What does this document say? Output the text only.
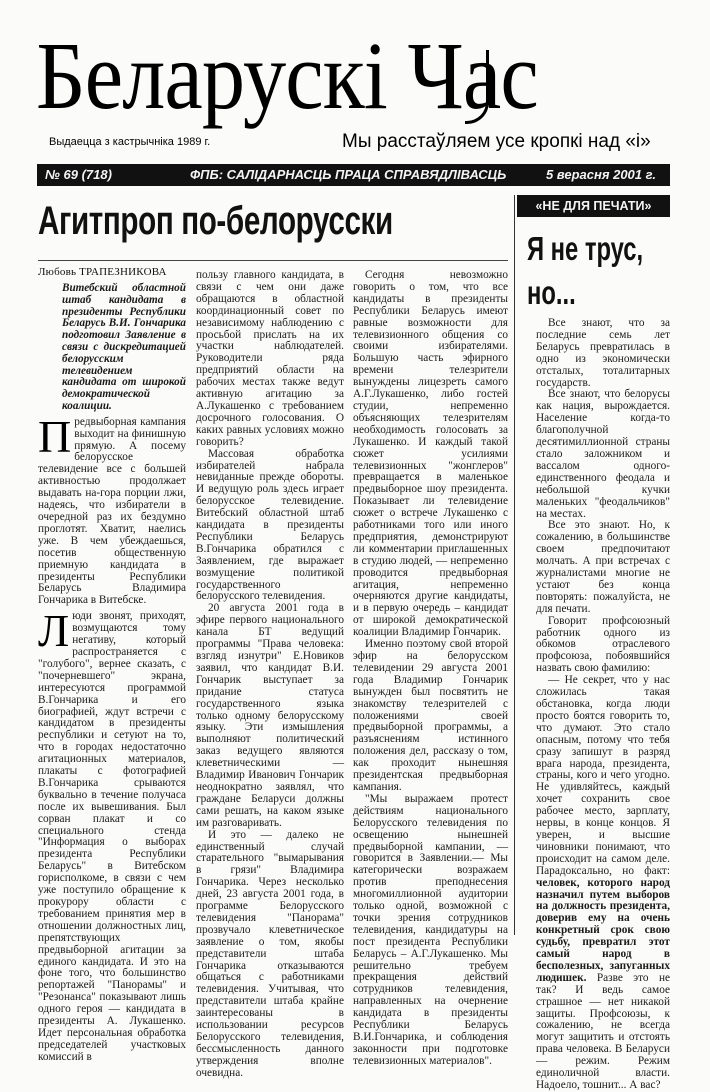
Беларускi Час
Выдаецца з кастрычнiка 1989 г.	Мы расстаўляем усе кропкi над «i»
№ 69 (718)	ФПБ: САЛIДАРНАСЦЬ ПРАЦА СПРАВЯДЛIВАСЦЬ	5 верасня 2001 г.
Агитпроп по-белорусски
Любовь ТРАПЕЗНИКОВА

Витебский областной штаб кандидата в президенты Республики Беларусь В.И. Гончарика подготовил Заявление в связи с дискредитацией белорусским телевидением кандидата от широкой демократической коалиции.

Предвыборная кампания выходит на финишную прямую. А посему белорусское телевидение все с большей активностью продолжает выдавать на-гора порции лжи, надеясь, что избиратели в очередной раз их бездумно проглотят. Хватит, наелись уже. В чем убеждаешься, посетив общественную приемную кандидата в президенты Республики Беларусь Владимира Гончарика в Витебске.

Люди звонят, приходят, возмущаются тому негативу, который распространяется с "голубого", вернее сказать, с "почерневшего" экрана, интересуются программой В.Гончарика и его биографией, ждут встречи с кандидатом в президенты республики и сетуют на то, что в городах недостаточно агитационных материалов, плакаты с фотографией В.Гончарика срываются буквально в течение получаса после их вывешивания. Был сорван плакат и со специального стенда "Информация о выборах президента Республики Беларусь" в Витебском горисполкоме, в связи с чем уже поступило обращение к прокурору области с требованием принятия мер в отношении должностных лиц, препятствующих предвыборной агитации за единого кандидата. И это на фоне того, что большинство репортажей "Панорамы" и "Резонанса" показывают лишь одного героя — кандидата в президенты А. Лукашенко. Идет персональная обработка председателей участковых комиссий в

пользу главного кандидата, в связи с чем они даже обращаются в областной координационный совет по независимому наблюдению с просьбой прислать на их участки наблюдателей. Руководители ряда предприятий области на рабочих местах также ведут активную агитацию за А.Лукашенко с требованием досрочного голосования. О каких равных условиях можно говорить?

Массовая обработка избирателей набрала невиданные прежде обороты. И ведущую роль здесь играет белорусское телевидение. Витебский областной штаб кандидата в президенты Республики Беларусь В.Гончарика обратился с Заявлением, где выражает возмущение политикой государственного белорусского телевидения.

20 августа 2001 года в эфире первого национального канала БТ ведущий программы "Права человека: взгляд изнутри" Е.Новиков заявил, что кандидат В.И. Гончарик выступает за придание статуса государственного языка только одному белорусскому языку. Эти измышления выполняют политический заказ ведущего являются клеветническими — Владимир Иванович Гончарик неоднократно заявлял, что граждане Беларуси должны сами решать, на каком языке им разговаривать.

И это — далеко не единственный случай старательного "вымарывания в грязи" Владимира Гончарика. Через несколько дней, 23 августа 2001 года, в программе Белорусского телевидения "Панорама" прозвучало клеветническое заявление о том, якобы представители штаба Гончарика отказываются общаться с работниками телевидения. Учитывая, что представители штаба крайне заинтересованы в использовании ресурсов Белорусского телевидения, бессмысленность данного утверждения вполне очевидна.

Сегодня невозможно говорить о том, что все кандидаты в президенты Республики Беларусь имеют равные возможности для телевизионного общения со своими избирателями. Большую часть эфирного времени телезрители вынуждены лицезреть самого А.Г.Лукашенко, либо гостей студии, непременно объясняющих телезрителям необходимость голосовать за Лукашенко. И каждый такой сюжет усилиями телевизионных "жонглеров" превращается в маленькое предвыборное шоу президента. Показывает ли телевидение сюжет о встрече Лукашенко с работниками того или иного предприятия, демонстрируют ли комментарии приглашенных в студию людей, — непременно проводится предвыборная агитация, непременно очерняются другие кандидаты, и в первую очередь – кандидат от широкой демократической коалиции Владимир Гончарик.

Именно поэтому свой второй эфир на белорусском телевидении 29 августа 2001 года Владимир Гончарик вынужден был посвятить не знакомству телезрителей с положениями своей предвыборной программы, а разъяснениям истинного положения дел, рассказу о том, как проходит нынешняя президентская предвыборная кампания.

"Мы выражаем протест действиям национального Белорусского телевидения по освещению нынешней предвыборной кампании, — говорится в Заявлении.— Мы категорически возражаем против преподнесения многомиллионной аудитории только одной, возможной с точки зрения сотрудников телевидения, кандидатуры на пост президента Республики Беларусь – А.Г.Лукашенко. Мы решительно требуем прекращения действий сотрудников телевидения, направленных на очернение кандидата в президенты Республики Беларусь В.И.Гончарика, и соблюдения законности при подготовке телевизионных материалов".

«НЕ ДЛЯ ПЕЧАТИ»
Я не трус, но...

Все знают, что за последние семь лет Беларусь превратилась в одно из экономически отсталых, тоталитарных государств.

Все знают, что белорусы как нация, вырождается. Население когда-то благополучной десятимиллионной страны стало заложником и вассалом одного-единственного феодала и небольшой кучки маленьких "феодальчиков" на местах.

Все это знают. Но, к сожалению, в большинстве своем предпочитают молчать. А при встречах с журналистами многие не устают без конца повторять: пожалуйста, не для печати.

Говорит профсоюзный работник одного из обкомов отраслевого профсоюза, побоявшийся назвать свою фамилию:

— Не секрет, что у нас сложилась такая обстановка, когда люди просто боятся говорить то, что думают. Это стало опасным, потому что тебя сразу запишут в разряд врага народа, президента, страны, кого и чего угодно. Не удивляйтесь, каждый хочет сохранить свое рабочее место, зарплату, нервы, в конце концов. Я уверен, и высшие чиновники понимают, что происходит на самом деле. Парадоксально, но факт: человек, которого народ назначил путем выборов на должность президента, доверив ему на очень конкретный срок свою судьбу, превратил этот самый народ в бесполезных, запуганных людишек. Разве это не так? И ведь самое страшное — нет никакой защиты. Профсоюзы, к сожалению, не всегда могут защитить и отстоять права человека. В Беларуси — режим. Режим единоличной власти. Надоело, тошнит... А вас?
